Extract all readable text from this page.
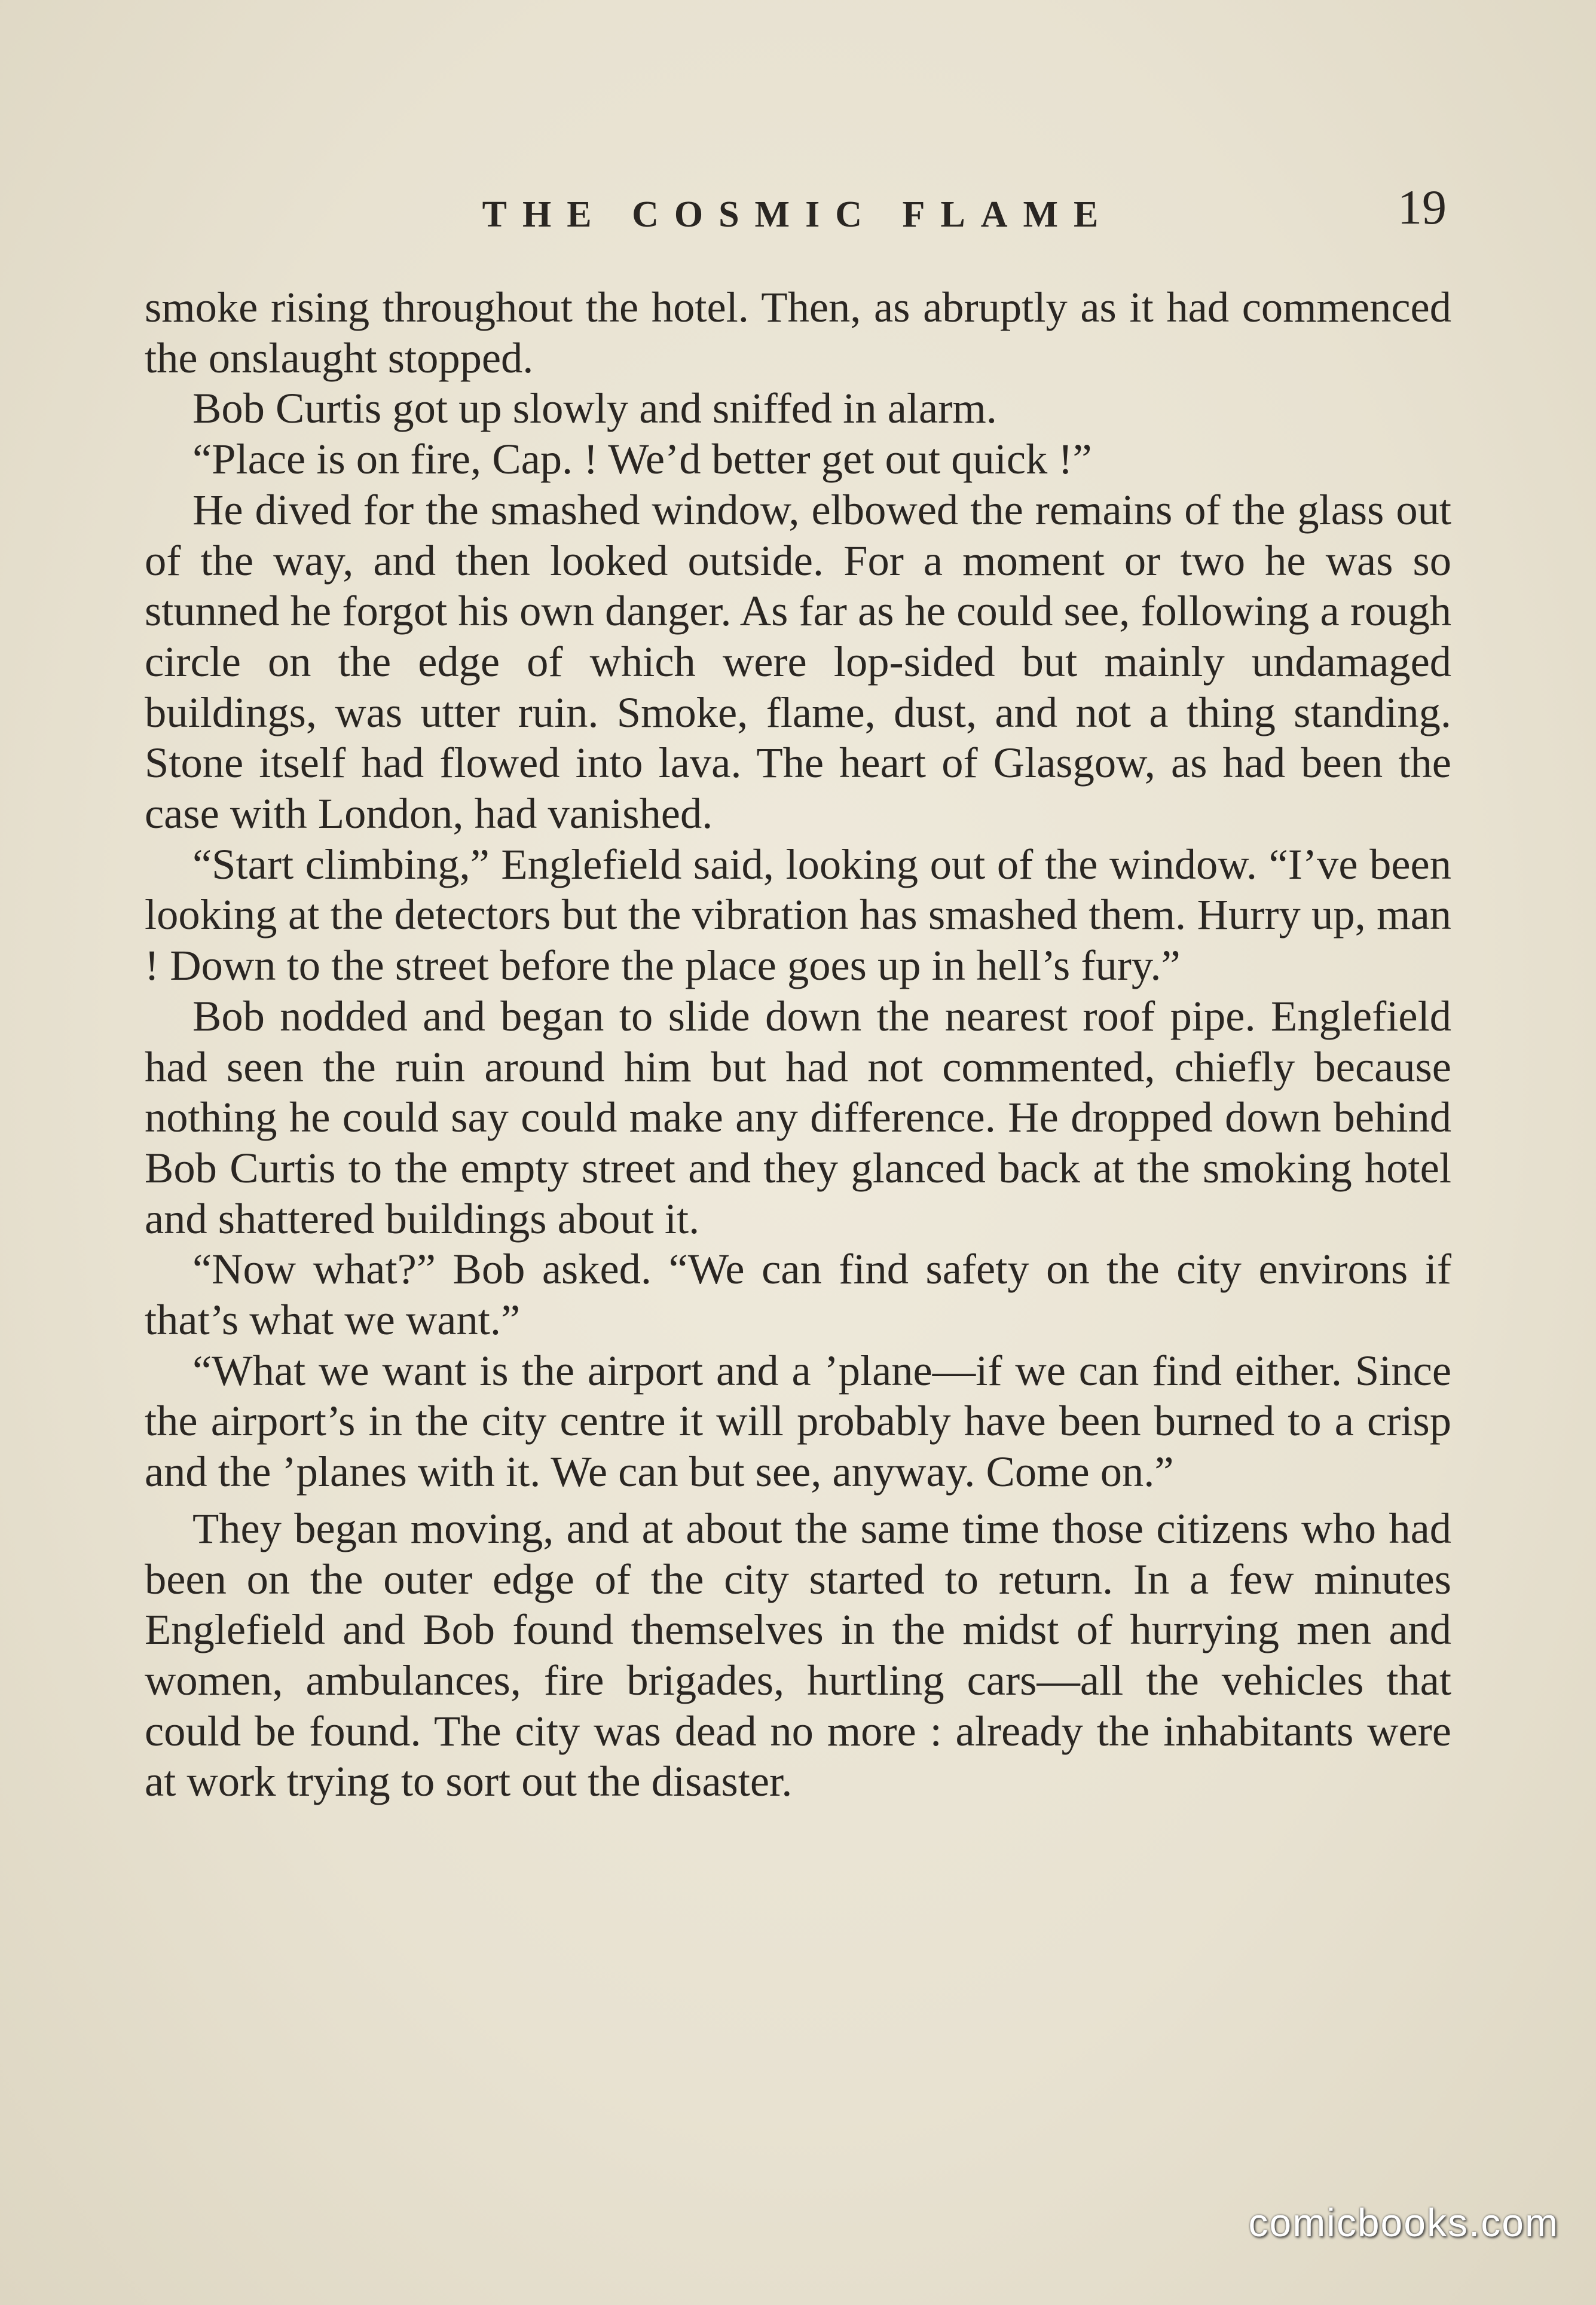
THE COSMIC FLAME	19

smoke rising throughout the hotel. Then, as abruptly as it had commenced the onslaught stopped.

Bob Curtis got up slowly and sniffed in alarm.

“Place is on fire, Cap. ! We’d better get out quick !”

He dived for the smashed window, elbowed the remains of the glass out of the way, and then looked outside. For a moment or two he was so stunned he forgot his own danger. As far as he could see, following a rough circle on the edge of which were lop-sided but mainly undamaged buildings, was utter ruin. Smoke, flame, dust, and not a thing standing. Stone itself had flowed into lava. The heart of Glasgow, as had been the case with London, had vanished.

“Start climbing,” Englefield said, looking out of the window. “I’ve been looking at the detectors but the vibration has smashed them. Hurry up, man ! Down to the street before the place goes up in hell’s fury.”

Bob nodded and began to slide down the nearest roof pipe. Englefield had seen the ruin around him but had not commented, chiefly because nothing he could say could make any difference. He dropped down behind Bob Curtis to the empty street and they glanced back at the smoking hotel and shattered buildings about it.

“Now what?” Bob asked. “We can find safety on the city environs if that’s what we want.”

“What we want is the airport and a ’plane—if we can find either. Since the airport’s in the city centre it will probably have been burned to a crisp and the ’planes with it. We can but see, anyway. Come on.”

They began moving, and at about the same time those citizens who had been on the outer edge of the city started to return. In a few minutes Englefield and Bob found themselves in the midst of hurrying men and women, ambulances, fire brigades, hurtling cars—all the vehicles that could be found. The city was dead no more : already the inhabitants were at work trying to sort out the disaster.

comicbooks.com
